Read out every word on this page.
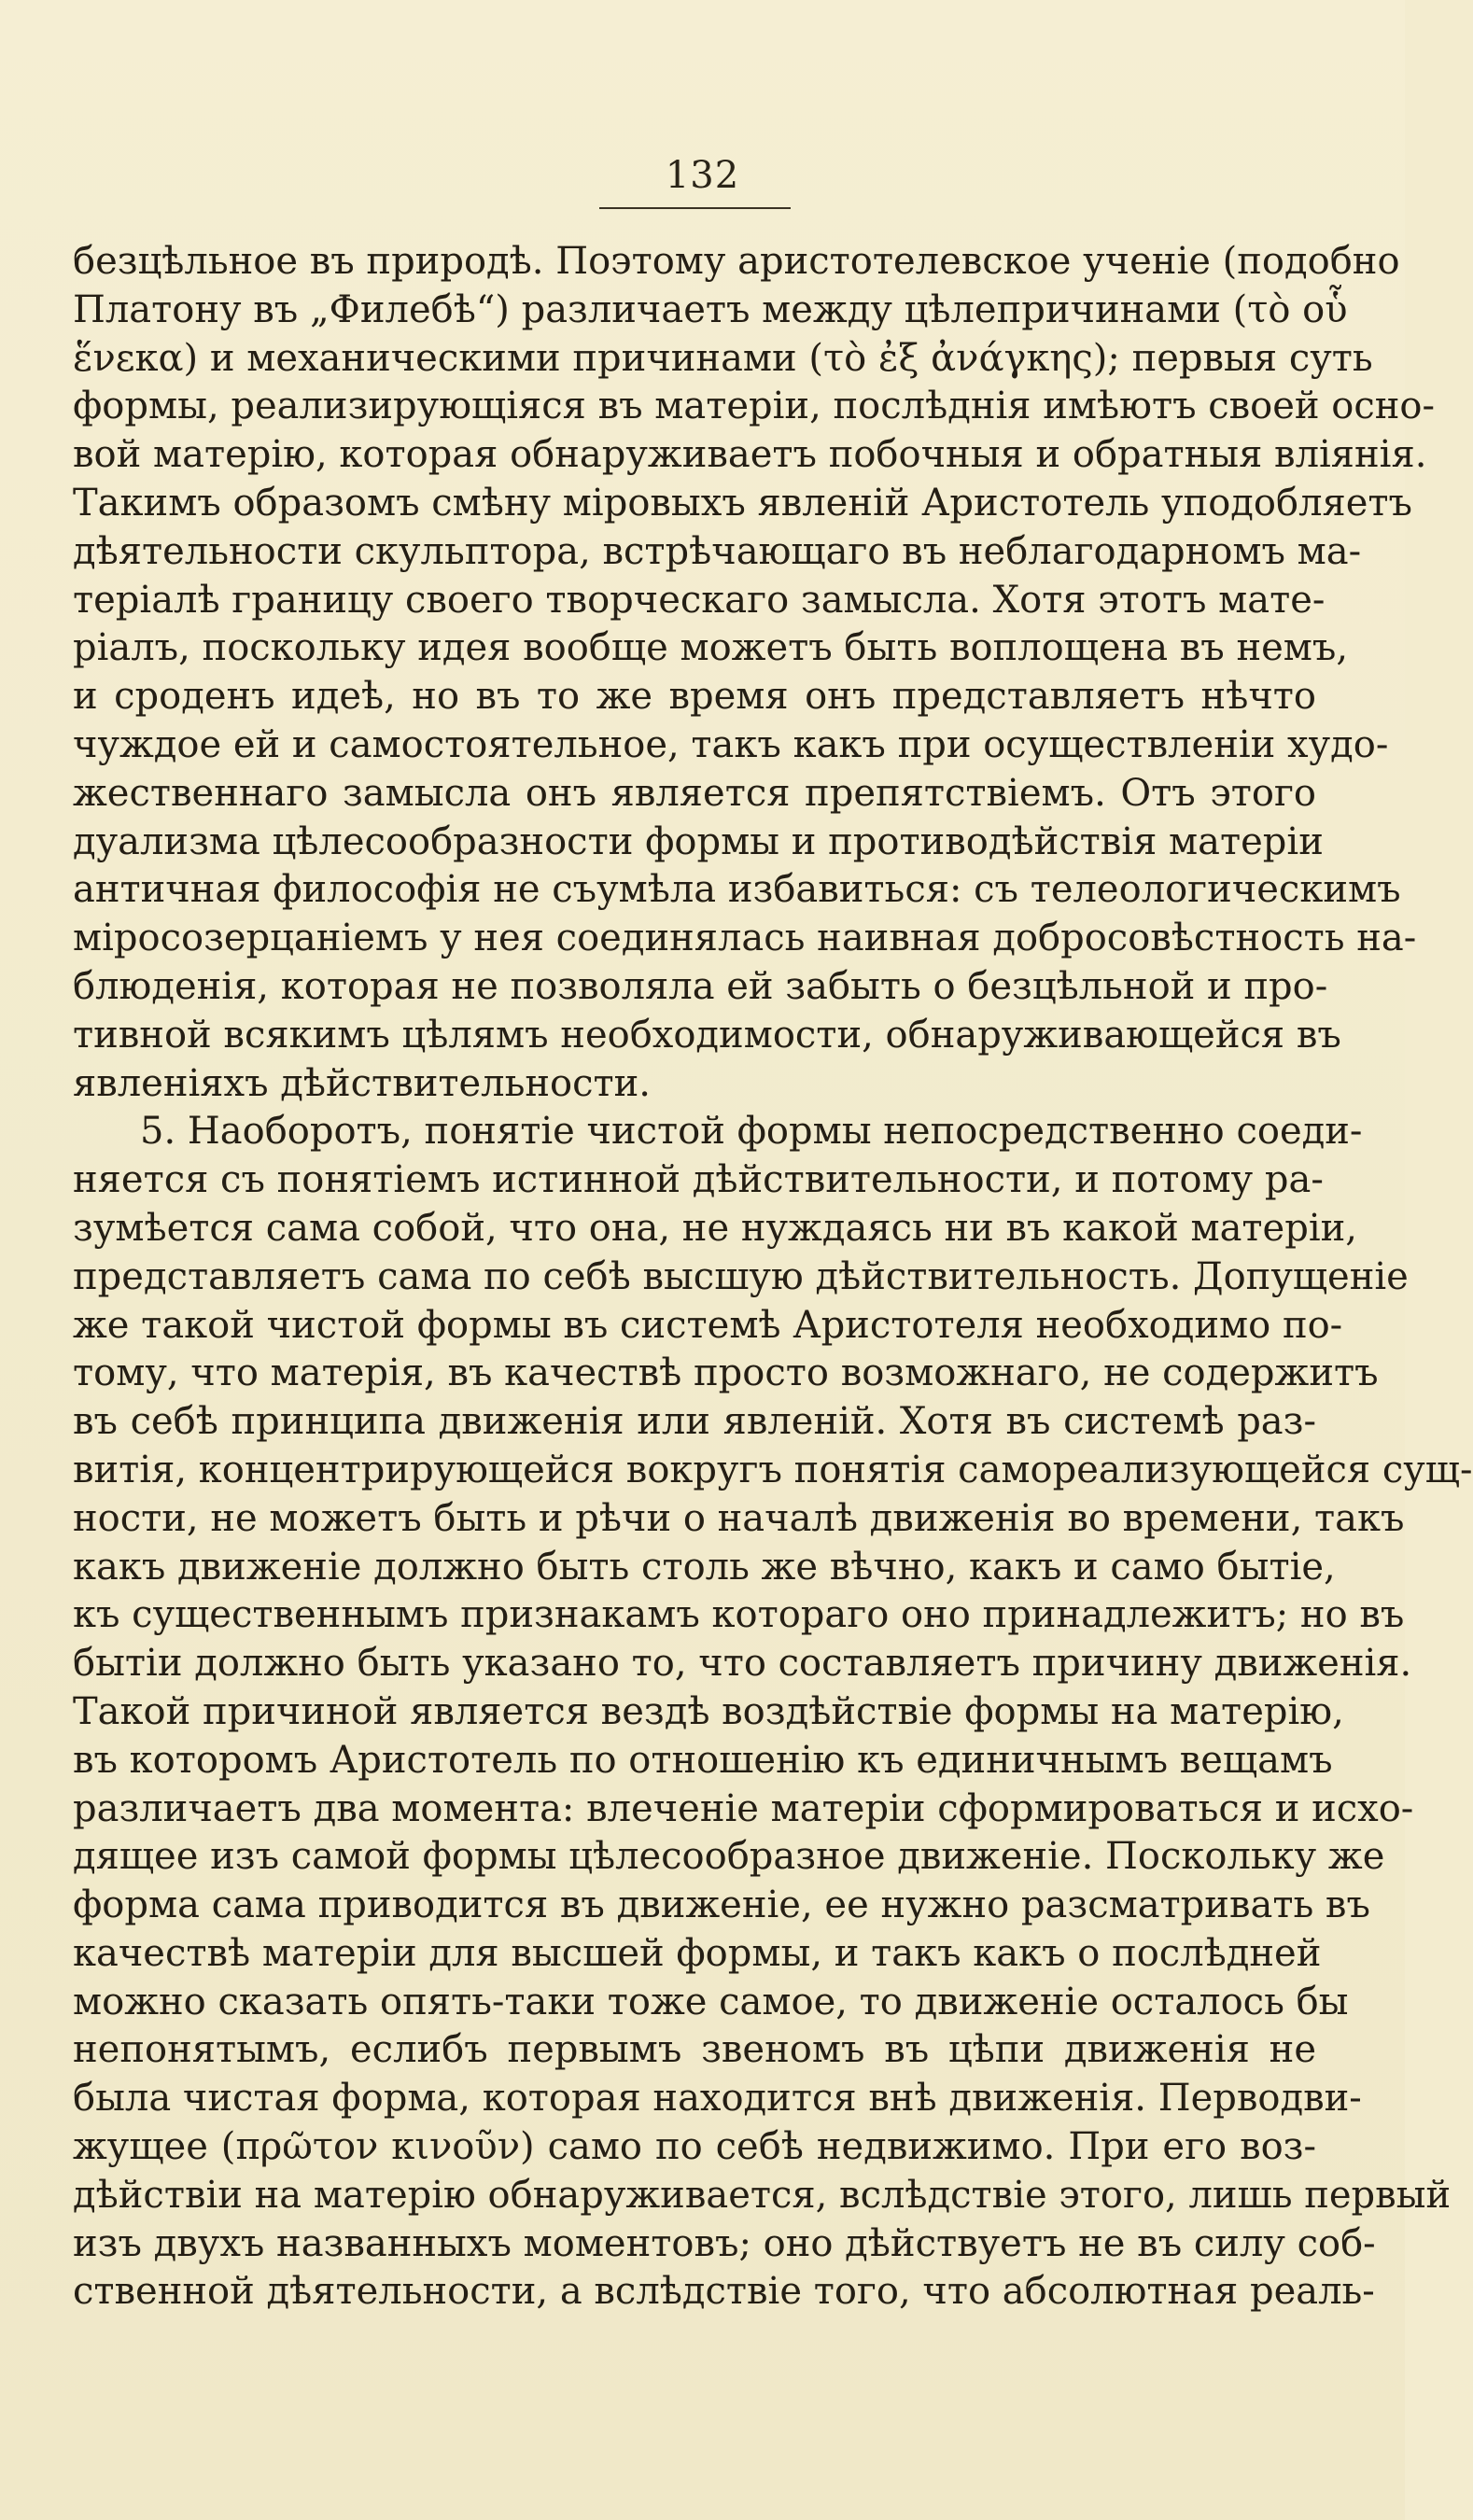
132
безцѣльное въ природѣ. Поэтому аристотелевское ученіе (подобно
Платону въ „Филебѣ“) различаетъ между цѣлепричинами (τὸ οὗ
ἕνεκα) и механическими причинами (τὸ ἐξ ἀνάγκης); первыя суть
формы, реализирующіяся въ матеріи, послѣднія имѣютъ своей осно-
вой матерію, которая обнаруживаетъ побочныя и обратныя вліянія.
Такимъ образомъ смѣну міровыхъ явленій Аристотель уподобляетъ
дѣятельности скульптора, встрѣчающаго въ неблагодарномъ ма-
теріалѣ границу своего творческаго замысла. Хотя этотъ мате-
ріалъ, поскольку идея вообще можетъ быть воплощена въ немъ,
и сроденъ идеѣ, но въ то же время онъ представляетъ нѣчто
чуждое ей и самостоятельное, такъ какъ при осуществленіи худо-
жественнаго замысла онъ является препятствіемъ. Отъ этого
дуализма цѣлесообразности формы и противодѣйствія матеріи
античная философія не съумѣла избавиться: съ телеологическимъ
міросозерцаніемъ у нея соединялась наивная добросовѣстность на-
блюденія, которая не позволяла ей забыть о безцѣльной и про-
тивной всякимъ цѣлямъ необходимости, обнаруживающейся въ
явленіяхъ дѣйствительности.
5. Наоборотъ, понятіе чистой формы непосредственно соеди-
няется съ понятіемъ истинной дѣйствительности, и потому ра-
зумѣется сама собой, что она, не нуждаясь ни въ какой матеріи,
представляетъ сама по себѣ высшую дѣйствительность. Допущеніе
же такой чистой формы въ системѣ Аристотеля необходимо по-
тому, что матерія, въ качествѣ просто возможнаго, не содержитъ
въ себѣ принципа движенія или явленій. Хотя въ системѣ раз-
витія, концентрирующейся вокругъ понятія самореализующейся сущ-
ности, не можетъ быть и рѣчи о началѣ движенія во времени, такъ
какъ движеніе должно быть столь же вѣчно, какъ и само бытіе,
къ существеннымъ признакамъ котораго оно принадлежитъ; но въ
бытіи должно быть указано то, что составляетъ причину движенія.
Такой причиной является вездѣ воздѣйствіе формы на матерію,
въ которомъ Аристотель по отношенію къ единичнымъ вещамъ
различаетъ два момента: влеченіе матеріи сформироваться и исхо-
дящее изъ самой формы цѣлесообразное движеніе. Поскольку же
форма сама приводится въ движеніе, ее нужно разсматривать въ
качествѣ матеріи для высшей формы, и такъ какъ о послѣдней
можно сказать опять-таки тоже самое, то движеніе осталось бы
непонятымъ, еслибъ первымъ звеномъ въ цѣпи движенія не
была чистая форма, которая находится внѣ движенія. Перводви-
жущее (πρῶτον κινοῦν) само по себѣ недвижимо. При его воз-
дѣйствіи на матерію обнаруживается, вслѣдствіе этого, лишь первый
изъ двухъ названныхъ моментовъ; оно дѣйствуетъ не въ силу соб-
ственной дѣятельности, а вслѣдствіе того, что абсолютная реаль-
